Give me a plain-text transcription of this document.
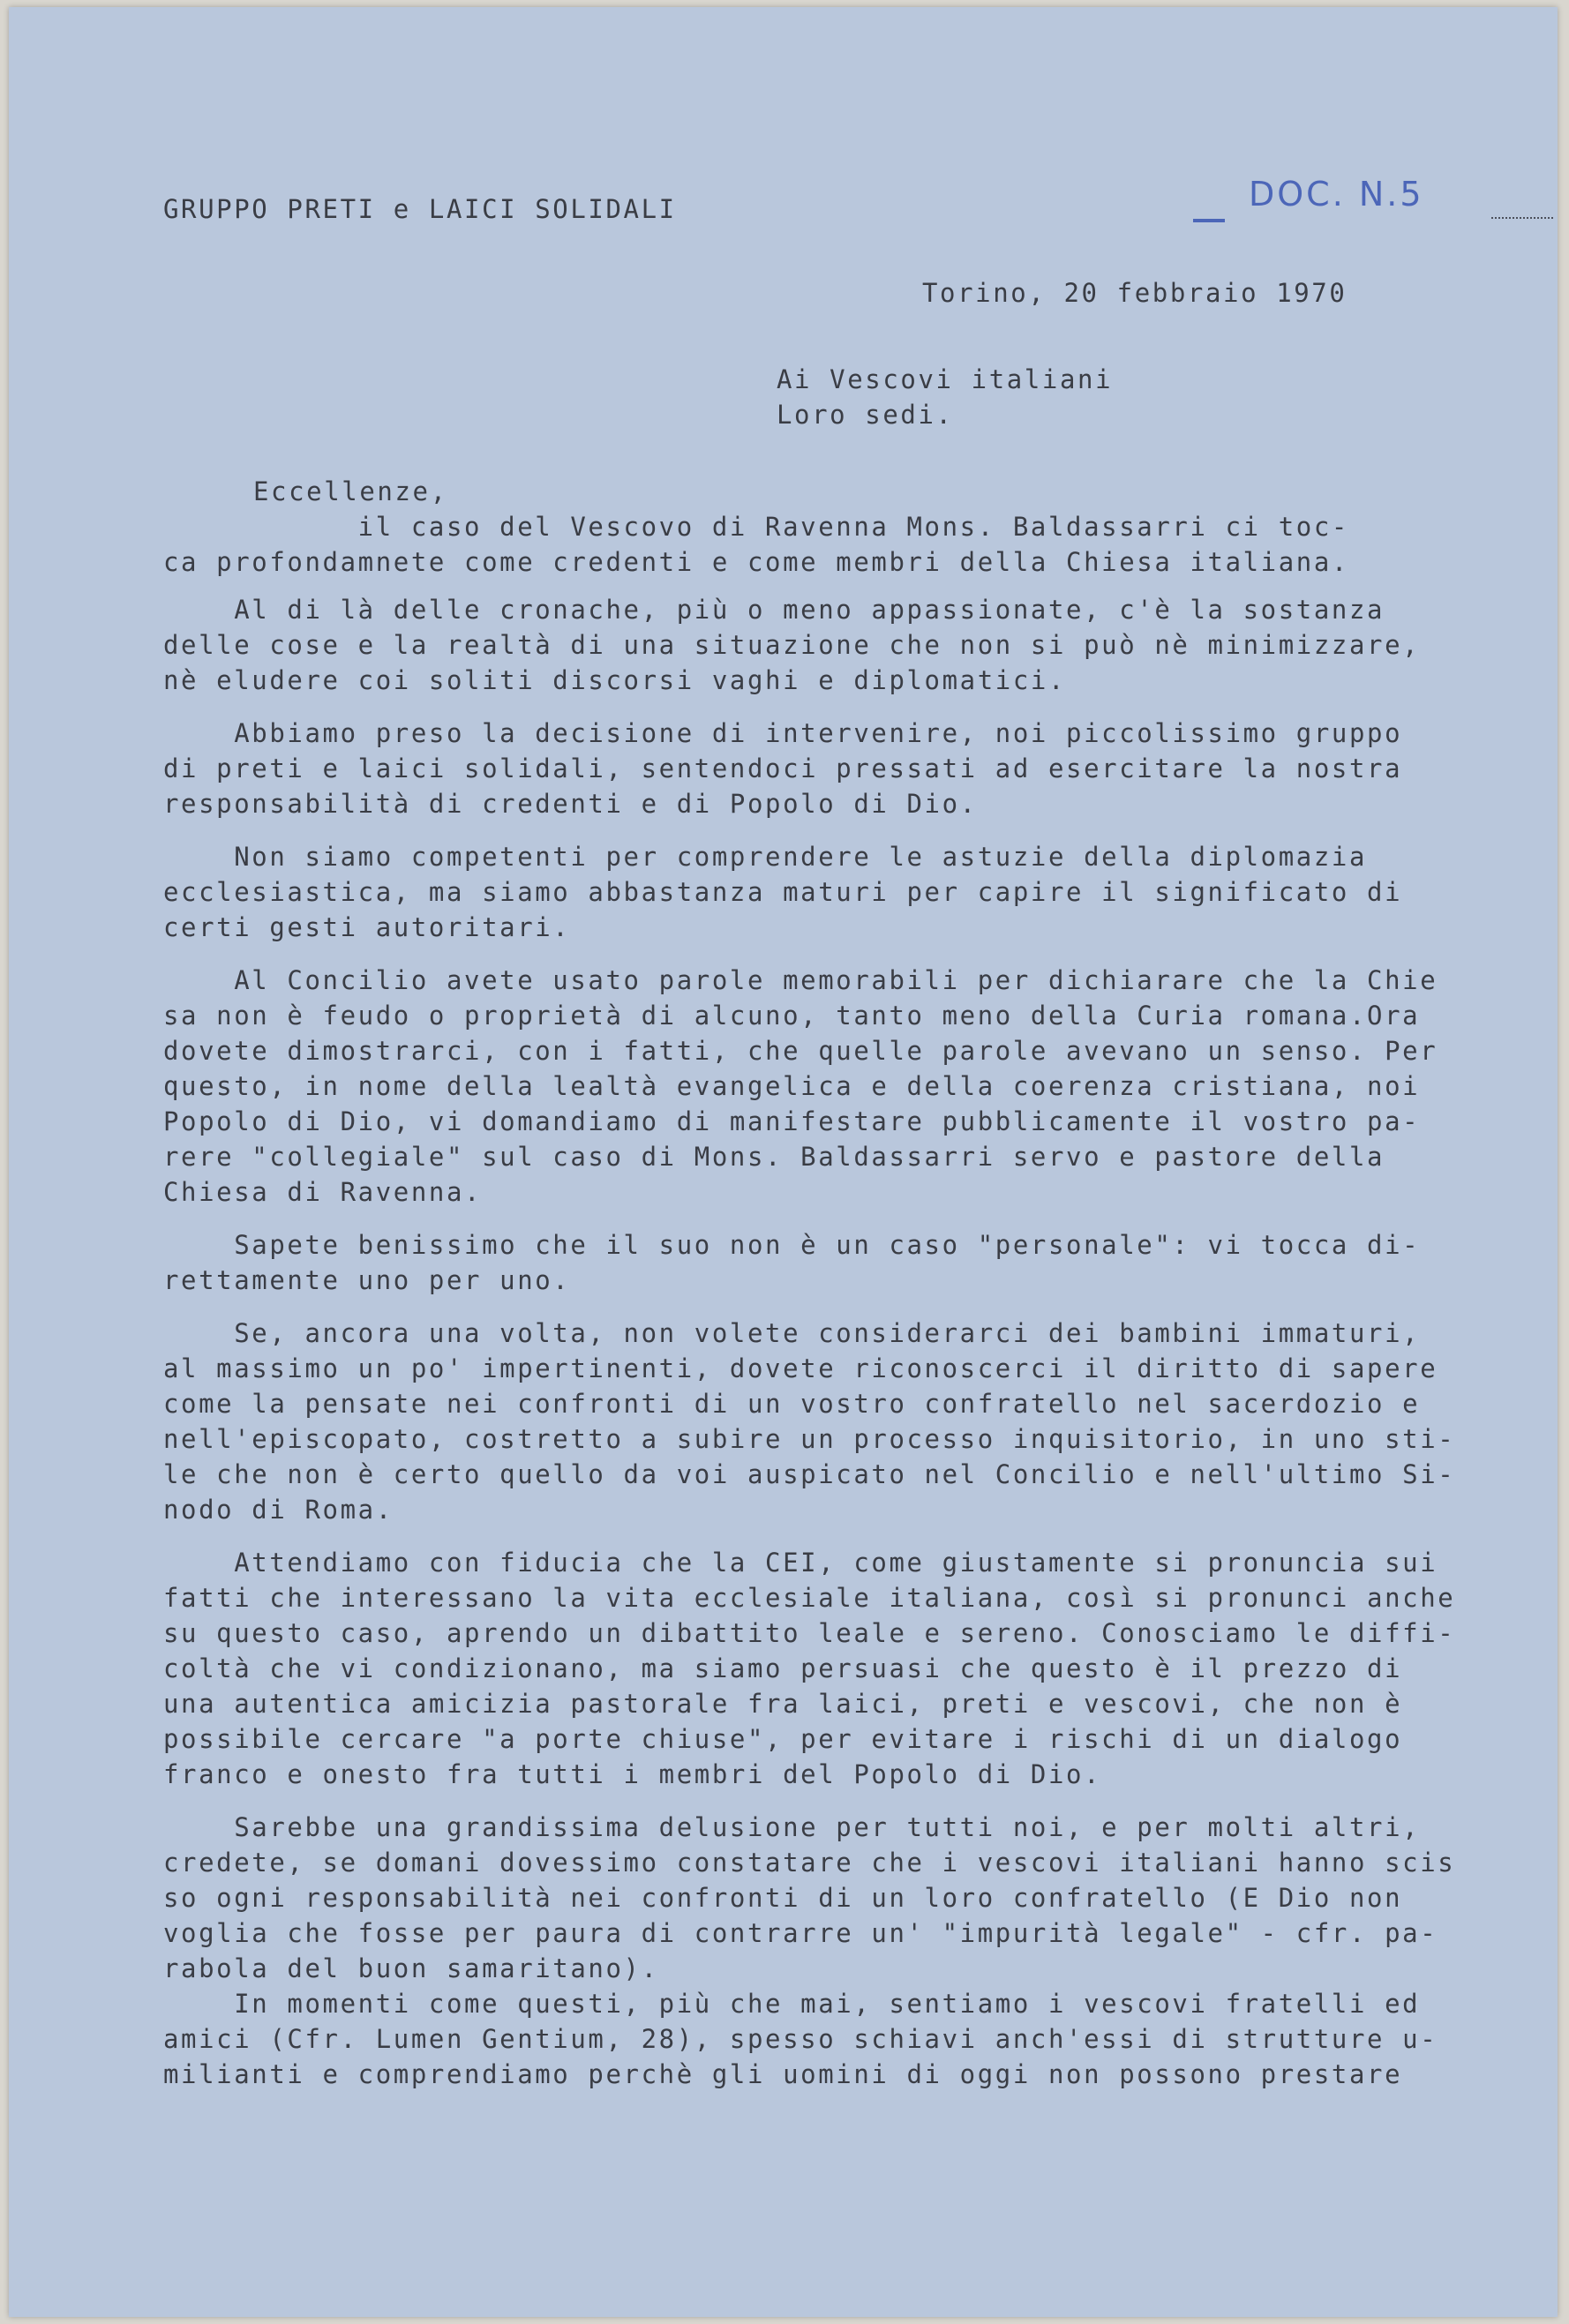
GRUPPO PRETI e LAICI SOLIDALI	DOC. N.5
Torino, 20 febbraio 1970
Ai Vescovi italiani
Loro sedi.
Eccellenze,
il caso del Vescovo di Ravenna Mons. Baldassarri ci toc-
ca profondamnete come credenti e come membri della Chiesa italiana.
Al di là delle cronache, più o meno appassionate, c'è la sostanza
delle cose e la realtà di una situazione che non si può nè minimizzare,
nè eludere coi soliti discorsi vaghi e diplomatici.
Abbiamo preso la decisione di intervenire, noi piccolissimo gruppo
di preti e laici solidali, sentendoci pressati ad esercitare la nostra
responsabilità di credenti e di Popolo di Dio.
Non siamo competenti per comprendere le astuzie della diplomazia
ecclesiastica, ma siamo abbastanza maturi per capire il significato di
certi gesti autoritari.
Al Concilio avete usato parole memorabili per dichiarare che la Chie
sa non è feudo o proprietà di alcuno, tanto meno della Curia romana.Ora
dovete dimostrarci, con i fatti, che quelle parole avevano un senso. Per
questo, in nome della lealtà evangelica e della coerenza cristiana, noi
Popolo di Dio, vi domandiamo di manifestare pubblicamente il vostro pa-
rere "collegiale" sul caso di Mons. Baldassarri servo e pastore della
Chiesa di Ravenna.
Sapete benissimo che il suo non è un caso "personale": vi tocca di-
rettamente uno per uno.
Se, ancora una volta, non volete considerarci dei bambini immaturi,
al massimo un po' impertinenti, dovete riconoscerci il diritto di sapere
come la pensate nei confronti di un vostro confratello nel sacerdozio e
nell'episcopato, costretto a subire un processo inquisitorio, in uno sti-
le che non è certo quello da voi auspicato nel Concilio e nell'ultimo Si-
nodo di Roma.
Attendiamo con fiducia che la CEI, come giustamente si pronuncia sui
fatti che interessano la vita ecclesiale italiana, così si pronunci anche
su questo caso, aprendo un dibattito leale e sereno. Conosciamo le diffi-
coltà che vi condizionano, ma siamo persuasi che questo è il prezzo di
una autentica amicizia pastorale fra laici, preti e vescovi, che non è
possibile cercare "a porte chiuse", per evitare i rischi di un dialogo
franco e onesto fra tutti i membri del Popolo di Dio.
Sarebbe una grandissima delusione per tutti noi, e per molti altri,
credete, se domani dovessimo constatare che i vescovi italiani hanno scis
so ogni responsabilità nei confronti di un loro confratello (E Dio non
voglia che fosse per paura di contrarre un' "impurità legale" - cfr. pa-
rabola del buon samaritano).
In momenti come questi, più che mai, sentiamo i vescovi fratelli ed
amici (Cfr. Lumen Gentium, 28), spesso schiavi anch'essi di strutture u-
milianti e comprendiamo perchè gli uomini di oggi non possono prestare
